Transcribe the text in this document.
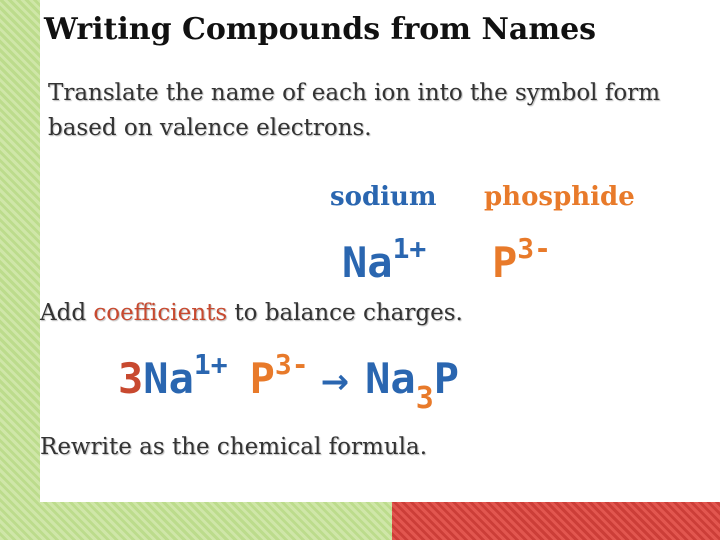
Writing Compounds from Names
Translate the name of each ion into the symbol form based on valence electrons.
sodium phosphide
$Na^{1+}$ $P^{3-}$
Add coefficients to balance charges.
$3Na^{1+}$ $P^{3-} \to Na_3P$
Rewrite as the chemical formula.
